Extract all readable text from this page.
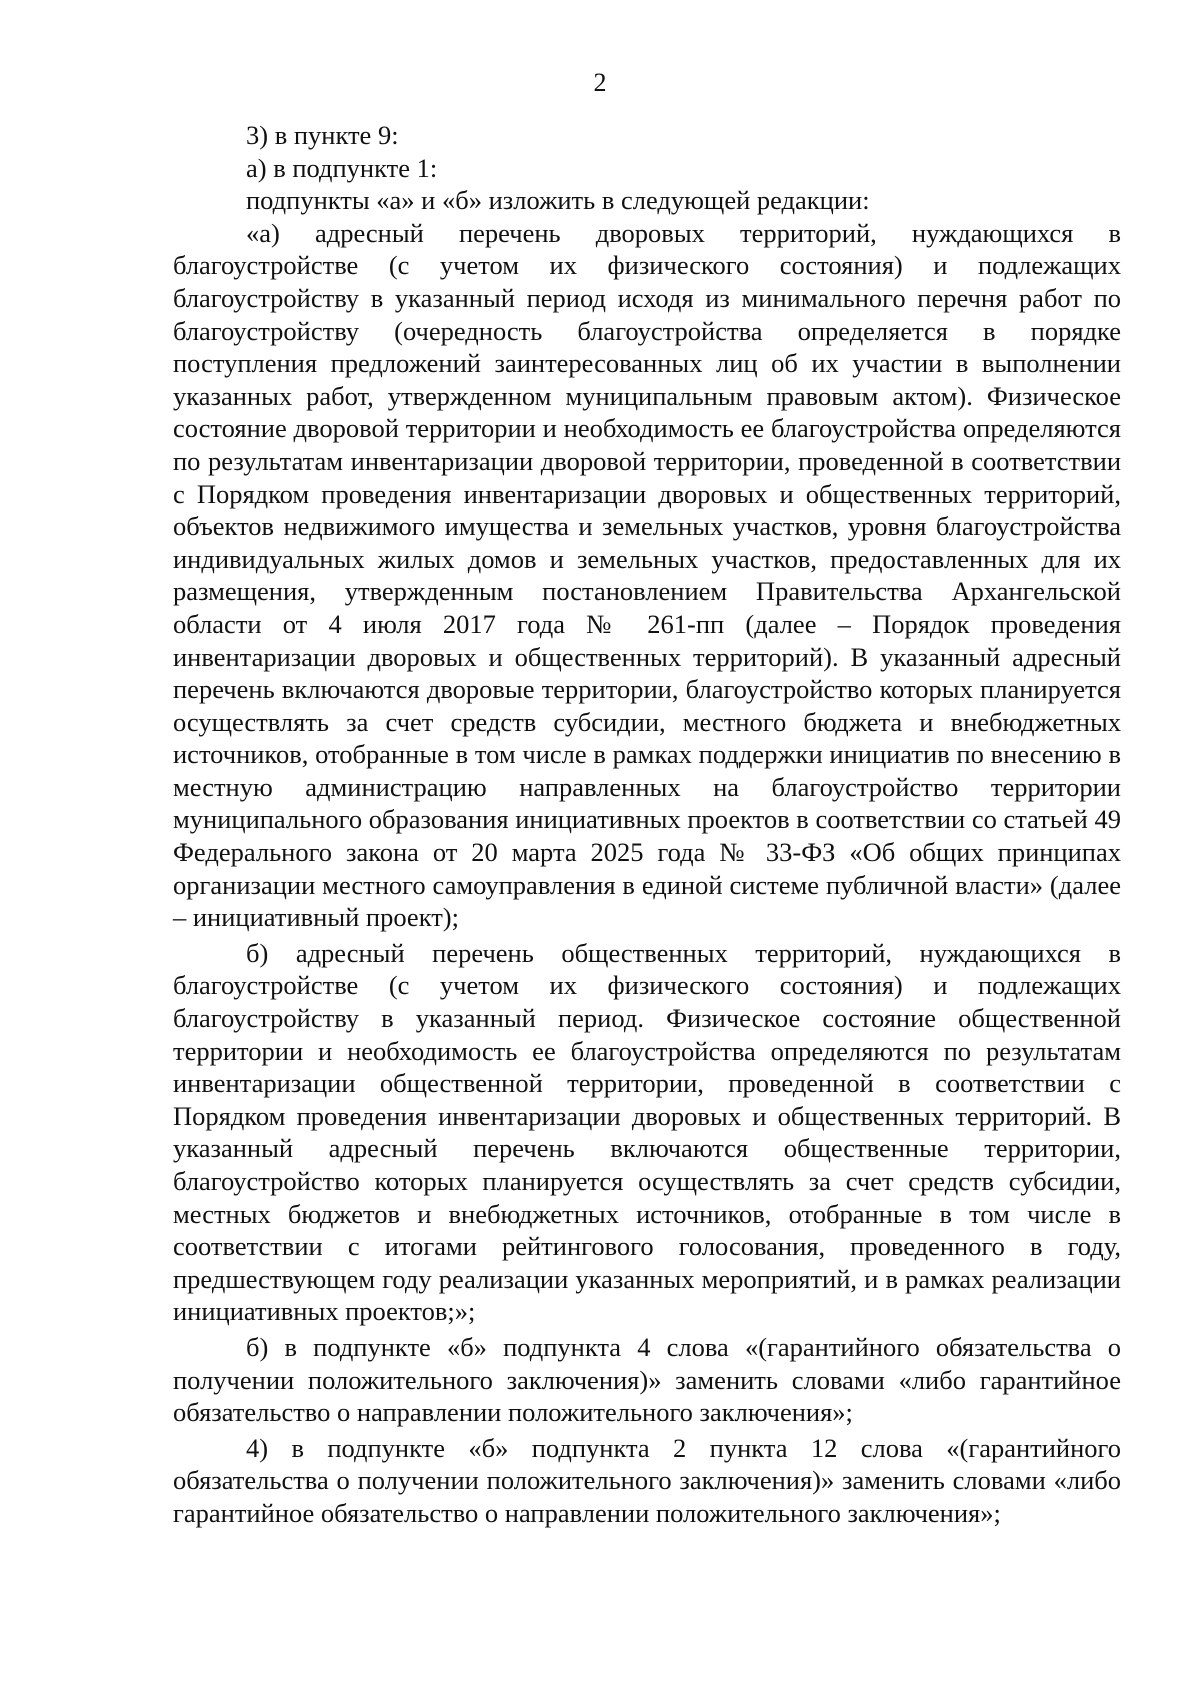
2

3) в пункте 9:

а) в подпункте 1:

подпункты «а» и «б» изложить в следующей редакции:

«а) адресный перечень дворовых территорий, нуждающихся в благоустройстве (с учетом их физического состояния) и подлежащих благоустройству в указанный период исходя из минимального перечня работ по благоустройству (очередность благоустройства определяется в порядке поступления предложений заинтересованных лиц об их участии в выполнении указанных работ, утвержденном муниципальным правовым актом). Физическое состояние дворовой территории и необходимость ее благоустройства определяются по результатам инвентаризации дворовой территории, проведенной в соответствии с Порядком проведения инвентаризации дворовых и общественных территорий, объектов недвижимого имущества и земельных участков, уровня благоустройства индивидуальных жилых домов и земельных участков, предоставленных для их размещения, утвержденным постановлением Правительства Архангельской области от 4 июля 2017 года № 261-пп (далее – Порядок проведения инвентаризации дворовых и общественных территорий). В указанный адресный перечень включаются дворовые территории, благоустройство которых планируется осуществлять за счет средств субсидии, местного бюджета и внебюджетных источников, отобранные в том числе в рамках поддержки инициатив по внесению в местную администрацию направленных на благоустройство территории муниципального образования инициативных проектов в соответствии со статьей 49 Федерального закона от 20 марта 2025 года № 33-ФЗ «Об общих принципах организации местного самоуправления в единой системе публичной власти» (далее – инициативный проект);

б) адресный перечень общественных территорий, нуждающихся в благоустройстве (с учетом их физического состояния) и подлежащих благоустройству в указанный период. Физическое состояние общественной территории и необходимость ее благоустройства определяются по результатам инвентаризации общественной территории, проведенной в соответствии с Порядком проведения инвентаризации дворовых и общественных территорий. В указанный адресный перечень включаются общественные территории, благоустройство которых планируется осуществлять за счет средств субсидии, местных бюджетов и внебюджетных источников, отобранные в том числе в соответствии с итогами рейтингового голосования, проведенного в году, предшествующем году реализации указанных мероприятий, и в рамках реализации инициативных проектов;»;

б) в подпункте «б» подпункта 4 слова «(гарантийного обязательства о получении положительного заключения)» заменить словами «либо гарантийное обязательство о направлении положительного заключения»;

4) в подпункте «б» подпункта 2 пункта 12 слова «(гарантийного обязательства о получении положительного заключения)» заменить словами «либо гарантийное обязательство о направлении положительного заключения»;
